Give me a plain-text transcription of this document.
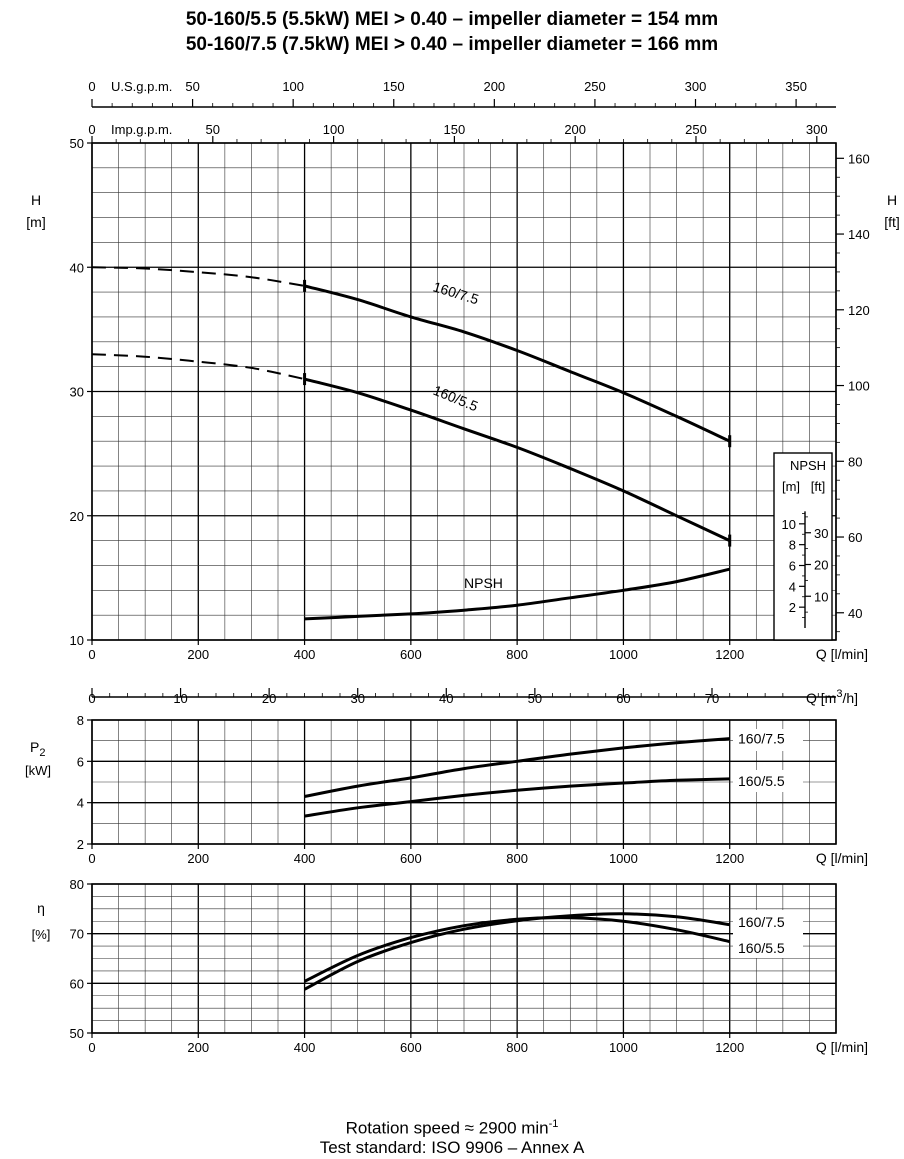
50-160/5.5 (5.5kW) MEI > 0.40 – impeller diameter = 154 mm
50-160/7.5 (7.5kW) MEI > 0.40 – impeller diameter = 166 mm
10
20
30
40
50
0	200	400	600	800	1000	1200	Q [l/min]
0	50	100	150	200	250	300	350
U.S.g.p.m.
0	50	100	150	200	250	300
Imp.g.p.m.
40
60
80
100
120
140
160
H
[m]
H
[ft]
160/7.5
160/5.5
NPSH
NPSH
[m] [ft]
2
4
6
8
10
10
20
30
0	10	20	30	40	50	60	70	Q $[m^3/h]$
2
4
6
8
0	200	400	600	800	1000	1200	Q [l/min]
$P_2$
[kW]
160/7.5
160/5.5
50
60
70
80
0	200	400	600	800	1000	1200	Q [l/min]
η
[%]
160/7.5
160/5.5
Rotation speed ≈ 2900 $\min^{-1}$
Test standard: ISO 9906 – Annex A
